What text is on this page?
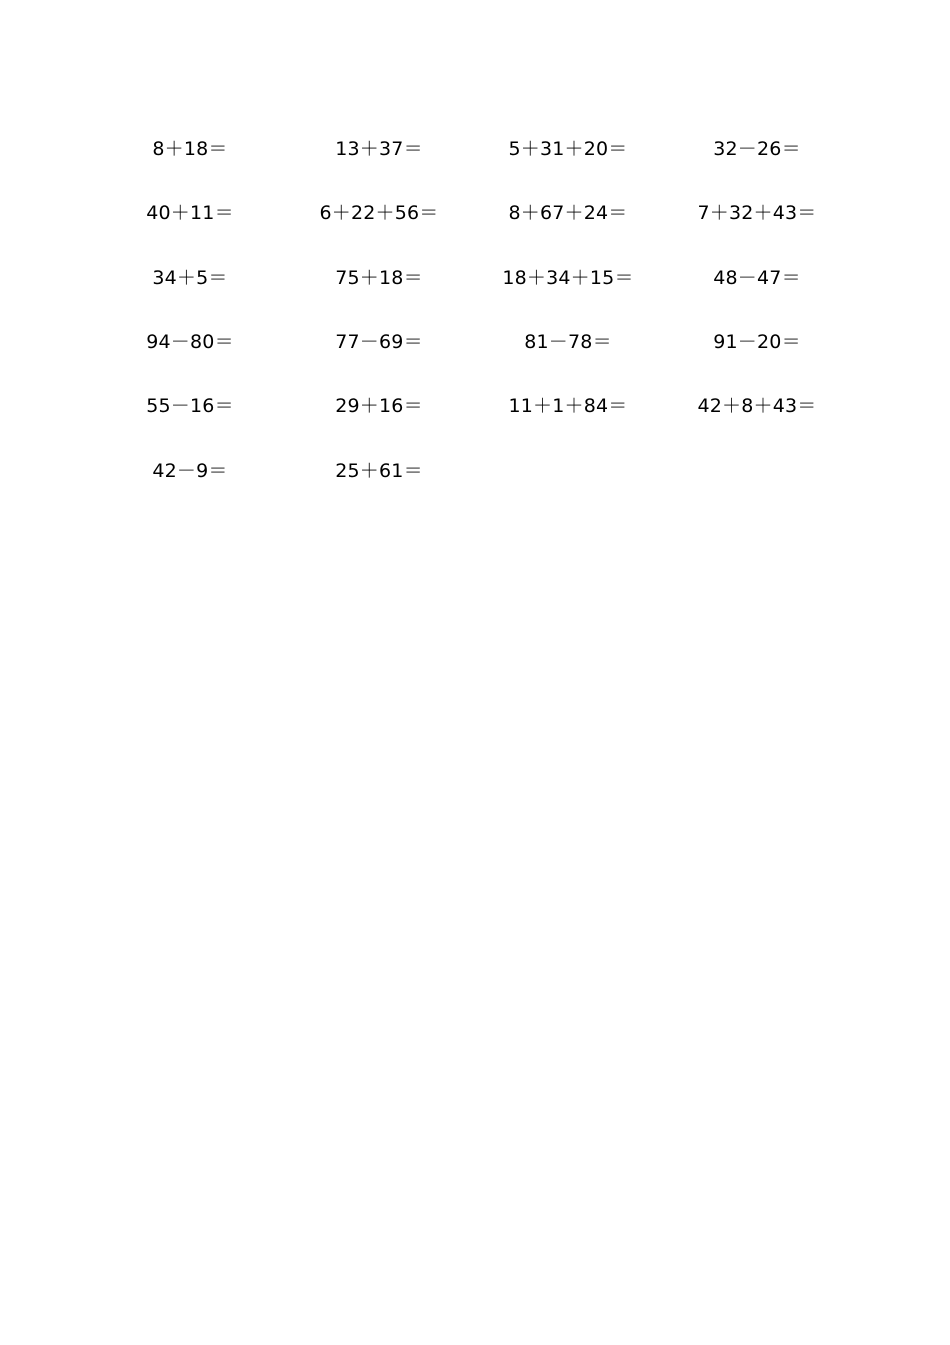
8＋18＝	13＋37＝	5＋31＋20＝	32－26＝
40＋11＝	6＋22＋56＝	8＋67＋24＝	7＋32＋43＝
34＋5＝	75＋18＝	18＋34＋15＝	48－47＝
94－80＝	77－69＝	81－78＝	91－20＝
55－16＝	29＋16＝	11＋1＋84＝	42＋8＋43＝
42－9＝	25＋61＝
